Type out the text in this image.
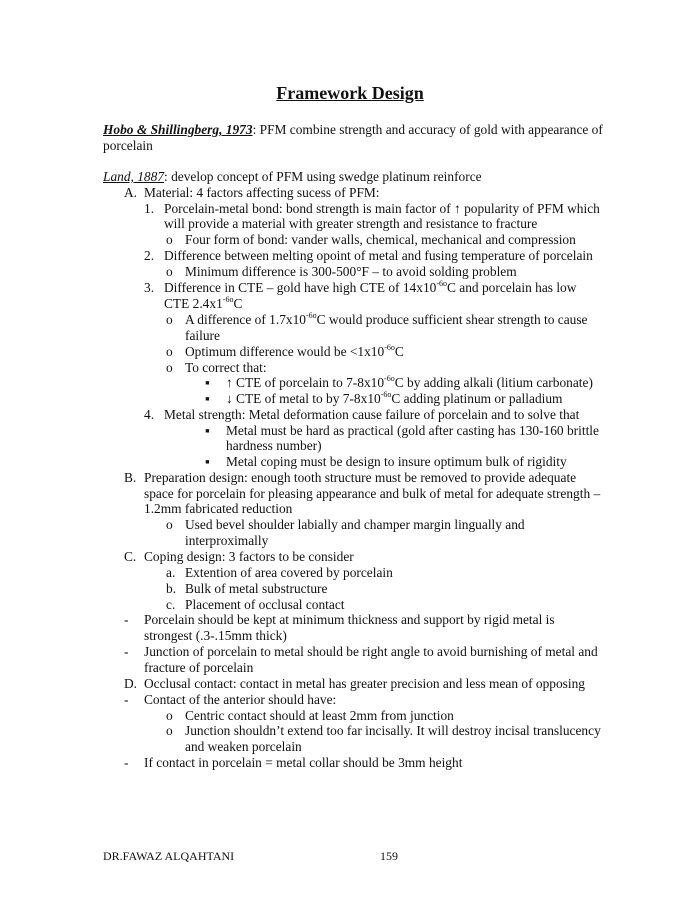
Framework Design
Hobo & Shillingberg, 1973: PFM combine strength and accuracy of gold with appearance of
porcelain
Land, 1887: develop concept of PFM using swedge platinum reinforce
A. Material: 4 factors affecting sucess of PFM:
1. Porcelain-metal bond: bond strength is main factor of ↑ popularity of PFM which
will provide a material with greater strength and resistance to fracture
o Four form of bond: vander walls, chemical, mechanical and compression
2. Difference between melting opoint of metal and fusing temperature of porcelain
o Minimum difference is 300-500°F – to avoid solding problem
3. Difference in CTE – gold have high CTE of $14x10^{-6o}C$ and porcelain has low
CTE $2.4x1^{-6o}C$
o A difference of $1.7x10^{-6o}C$ would produce sufficient shear strength to cause
failure
o Optimum difference would be $<1x10^{-6o}C$
o To correct that:
▪ ↑ CTE of porcelain to $7-8x10^{-6o}C$ by adding alkali (litium carbonate)
▪ ↓ CTE of metal to by $7-8x10^{-6o}C$ adding platinum or palladium
4. Metal strength: Metal deformation cause failure of porcelain and to solve that
▪ Metal must be hard as practical (gold after casting has 130-160 brittle
hardness number)
▪ Metal coping must be design to insure optimum bulk of rigidity
B. Preparation design: enough tooth structure must be removed to provide adequate
space for porcelain for pleasing appearance and bulk of metal for adequate strength –
1.2mm fabricated reduction
o Used bevel shoulder labially and champer margin lingually and
interproximally
C. Coping design: 3 factors to be consider
a. Extention of area covered by porcelain
b. Bulk of metal substructure
c. Placement of occlusal contact
- Porcelain should be kept at minimum thickness and support by rigid metal is
strongest (.3-.15mm thick)
- Junction of porcelain to metal should be right angle to avoid burnishing of metal and
fracture of porcelain
D. Occlusal contact: contact in metal has greater precision and less mean of opposing
- Contact of the anterior should have:
o Centric contact should at least 2mm from junction
o Junction shouldn’t extend too far incisally. It will destroy incisal translucency
and weaken porcelain
- If contact in porcelain = metal collar should be 3mm height
DR.FAWAZ ALQAHTANI	159
